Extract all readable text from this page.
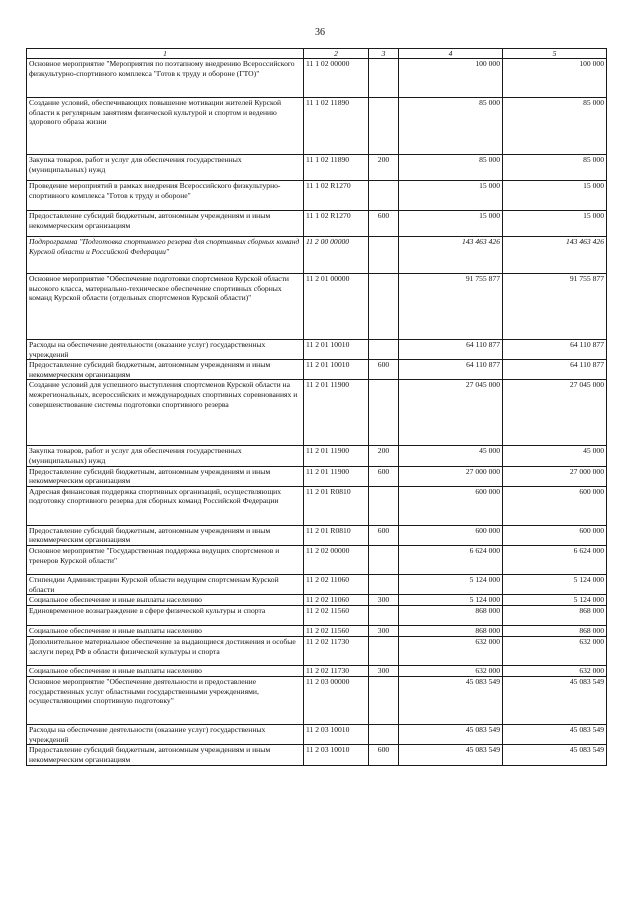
36
1	2	3	4	5
Основное мероприятие "Мероприятия по поэтапному внедрению Всероссийского физкультурно-спортивного комплекса "Готов к труду и обороне (ГТО)"	11 1 02 00000		100 000	100 000
Создание условий, обеспечивающих повышение мотивации жителей Курской области к регулярным занятиям физической культурой и спортом и ведению здорового образа жизни	11 1 02 11890		85 000	85 000
Закупка товаров, работ и услуг для обеспечения государственных (муниципальных) нужд	11 1 02 11890	200	85 000	85 000
Проведение мероприятий в рамках внедрения Всероссийского физкультурно-спортивного комплекса "Готов к труду и обороне"	11 1 02 R1270		15 000	15 000
Предоставление субсидий бюджетным, автономным учреждениям и иным некоммерческим организациям	11 1 02 R1270	600	15 000	15 000
Подпрограмма "Подготовка спортивного резерва для спортивных сборных команд Курской области и Российской Федерации"	11 2 00 00000		143 463 426	143 463 426
Основное мероприятие "Обеспечение подготовки спортсменов Курской области высокого класса, материально-техническое обеспечение спортивных сборных команд Курской области (отдельных спортсменов Курской области)"	11 2 01 00000		91 755 877	91 755 877
Расходы на обеспечение деятельности (оказание услуг) государственных учреждений	11 2 01 10010		64 110 877	64 110 877
Предоставление субсидий бюджетным, автономным учреждениям и иным некоммерческим организациям	11 2 01 10010	600	64 110 877	64 110 877
Создание условий для успешного выступления спортсменов Курской области на межрегиональных, всероссийских и международных спортивных соревнованиях и совершенствование системы подготовки спортивного резерва	11 2 01 11900		27 045 000	27 045 000
Закупка товаров, работ и услуг для обеспечения государственных (муниципальных) нужд	11 2 01 11900	200	45 000	45 000
Предоставление субсидий бюджетным, автономным учреждениям и иным некоммерческим организациям	11 2 01 11900	600	27 000 000	27 000 000
Адресная финансовая поддержка спортивных организаций, осуществляющих подготовку спортивного резерва для сборных команд Российской Федерации	11 2 01 R0810		600 000	600 000
Предоставление субсидий бюджетным, автономным учреждениям и иным некоммерческим организациям	11 2 01 R0810	600	600 000	600 000
Основное мероприятие "Государственная поддержка ведущих спортсменов и тренеров Курской области"	11 2 02 00000		6 624 000	6 624 000
Стипендии Администрации Курской области ведущим спортсменам Курской области	11 2 02 11060		5 124 000	5 124 000
Социальное обеспечение и иные выплаты населению	11 2 02 11060	300	5 124 000	5 124 000
Единовременное вознаграждение в сфере физической культуры и спорта	11 2 02 11560		868 000	868 000
Социальное обеспечение и иные выплаты населению	11 2 02 11560	300	868 000	868 000
Дополнительное материальное обеспечение за выдающиеся достижения и особые заслуги перед РФ в области физической культуры и спорта	11 2 02 11730		632 000	632 000
Социальное обеспечение и иные выплаты населению	11 2 02 11730	300	632 000	632 000
Основное мероприятие "Обеспечение деятельности и предоставление государственных услуг областными государственными учреждениями, осуществляющими спортивную подготовку"	11 2 03 00000		45 083 549	45 083 549
Расходы на обеспечение деятельности (оказание услуг) государственных учреждений	11 2 03 10010		45 083 549	45 083 549
Предоставление субсидий бюджетным, автономным учреждениям и иным некоммерческим организациям	11 2 03 10010	600	45 083 549	45 083 549
